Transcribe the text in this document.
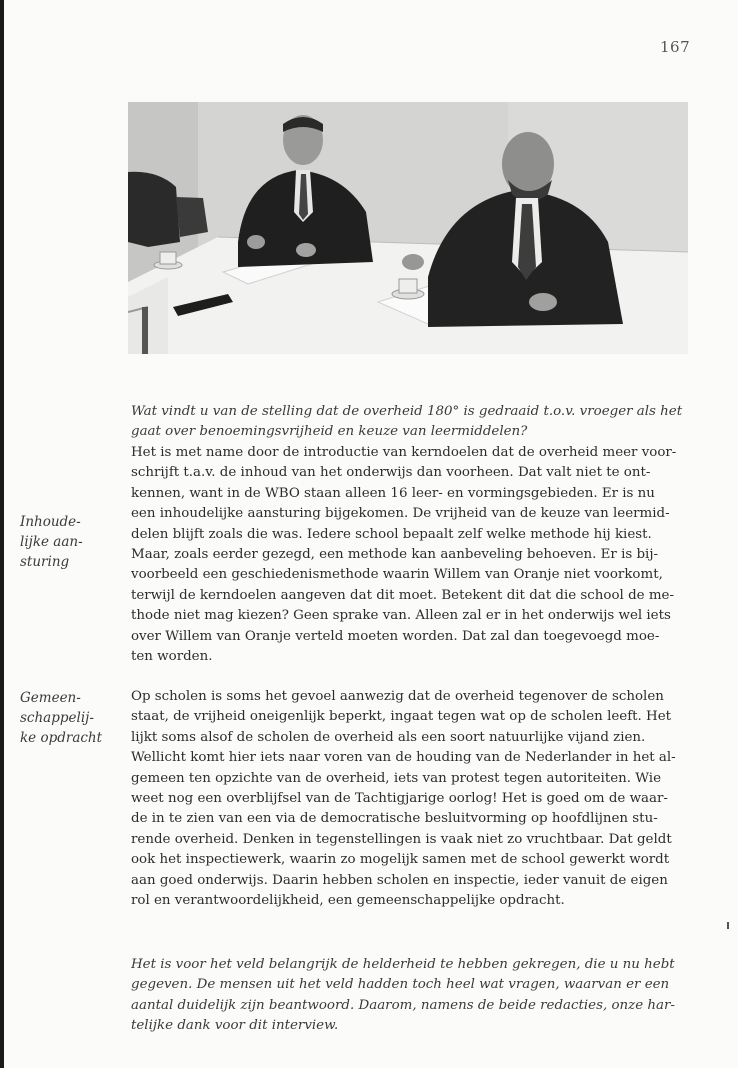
167
Wat vindt u van de stelling dat de overheid 180° is gedraaid t.o.v. vroeger als het
gaat over benoemingsvrijheid en keuze van leermiddelen?
Het is met name door de introductie van kerndoelen dat de overheid meer voor-
schrijft t.a.v. de inhoud van het onderwijs dan voorheen. Dat valt niet te ont-
kennen, want in de WBO staan alleen 16 leer- en vormingsgebieden. Er is nu
een inhoudelijke aansturing bijgekomen. De vrijheid van de keuze van leermid-
delen blijft zoals die was. Iedere school bepaalt zelf welke methode hij kiest.
Maar, zoals eerder gezegd, een methode kan aanbeveling behoeven. Er is bij-
voorbeeld een geschiedenismethode waarin Willem van Oranje niet voorkomt,
terwijl de kerndoelen aangeven dat dit moet. Betekent dit dat die school de me-
thode niet mag kiezen? Geen sprake van. Alleen zal er in het onderwijs wel iets
over Willem van Oranje verteld moeten worden. Dat zal dan toegevoegd moe-
ten worden.
Inhoude-
lijke aan-
sturing
Op scholen is soms het gevoel aanwezig dat de overheid tegenover de scholen
staat, de vrijheid oneigenlijk beperkt, ingaat tegen wat op de scholen leeft. Het
lijkt soms alsof de scholen de overheid als een soort natuurlijke vijand zien.
Wellicht komt hier iets naar voren van de houding van de Nederlander in het al-
gemeen ten opzichte van de overheid, iets van protest tegen autoriteiten. Wie
weet nog een overblijfsel van de Tachtigjarige oorlog! Het is goed om de waar-
de in te zien van een via de democratische besluitvorming op hoofdlijnen stu-
rende overheid. Denken in tegenstellingen is vaak niet zo vruchtbaar. Dat geldt
ook het inspectiewerk, waarin zo mogelijk samen met de school gewerkt wordt
aan goed onderwijs. Daarin hebben scholen en inspectie, ieder vanuit de eigen
rol en verantwoordelijkheid, een gemeenschappelijke opdracht.
Gemeen-
schappelij-
ke opdracht
Het is voor het veld belangrijk de helderheid te hebben gekregen, die u nu hebt
gegeven. De mensen uit het veld hadden toch heel wat vragen, waarvan er een
aantal duidelijk zijn beantwoord. Daarom, namens de beide redacties, onze har-
telijke dank voor dit interview.
